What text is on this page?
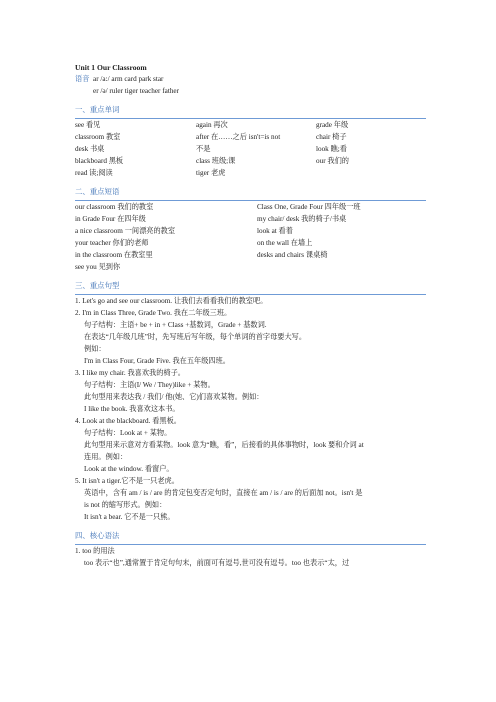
Unit 1 Our Classroom
语音 ar /a:/ arm card park star
er /ə/ ruler tiger teacher father
一、重点单词
see 看见
classroom 教室
desk 书桌
blackboard 黑板
read 读;阅读
again 再次
after 在……之后 isn't=is not
不是
class 班级;课
tiger 老虎
grade 年级
chair 椅子
look 瞧;看
our 我们的
二、重点短语
our classroom 我们的教室
in Grade Four 在四年级
a nice classroom 一间漂亮的教室
your teacher 你们的老师
in the classroom 在教室里
see you 见到你
Class One, Grade Four 四年级一班
my chair/ desk 我的椅子/书桌
look at 看着
on the wall 在墙上
desks and chairs 课桌椅
三、重点句型
1. Let's go and see our classroom. 让我们去看看我们的教室吧。
2. I'm in Class Three, Grade Two. 我在二年级三班。
句子结构：主语+ be + in + Class +基数词，Grade + 基数词.
在表达“几年级几班”时，先写班后写年级，每个单词的首字母要大写。
例如：
I'm in Class Four, Grade Five. 我在五年级四班。
3. I like my chair. 我喜欢我的椅子。
句子结构：主语(I/ We / They)like + 某物。
此句型用来表达我 / 我们/ 他(她、它)们喜欢某物。例如：
I like the book. 我喜欢这本书。
4. Look at the blackboard. 看黑板。
句子结构：Look at + 某物。
此句型用来示意对方看某物。look 意为“瞧，看”，后接看的具体事物时，look 要和介词 at
连用。例如：
Look at the window. 看窗户。
5. It isn't a tiger.它不是一只老虎。
英语中，含有 am / is / are 的肯定包变否定句时，直接在 am / is / are 的后面加 not。isn't 是
is not 的缩写形式。例如：
It isn't a bear. 它不是一只熊。
四、核心语法
1. too 的用法
too 表示“也”,通常置于肯定句句末，前面可有逗号,世可没有逗号。too 也表示“太，过
